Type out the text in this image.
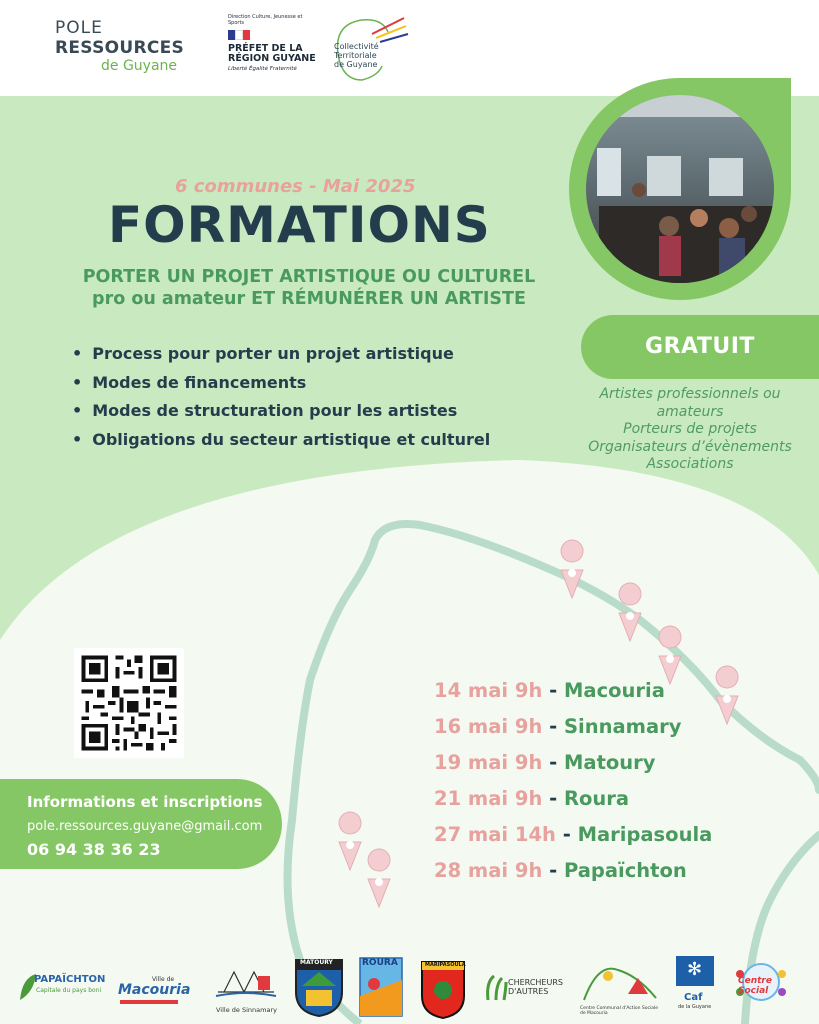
POLE
RESSOURCES
de Guyane
Direction Culture, Jeunesse et Sports
PRÉFET DE LA RÉGION GUYANE
Liberté Égalité Fraternité
Collectivité Territoriale de Guyane
6 communes - Mai 2025
FORMATIONS
PORTER UN PROJET ARTISTIQUE OU CULTUREL
pro ou amateur ET RÉMUNÉRER UN ARTISTE
• Process pour porter un projet artistique
• Modes de financements
• Modes de structuration pour les artistes
• Obligations du secteur artistique et culturel
GRATUIT
Artistes professionnels ou
amateurs
Porteurs de projets
Organisateurs d’évènements
Associations
Informations et inscriptions
pole.ressources.guyane@gmail.com
06 94 38 36 23
14 mai 9h - Macouria
16 mai 9h - Sinnamary
19 mai 9h - Matoury
21 mai 9h - Roura
27 mai 14h - Maripasoula
28 mai 9h - Papaïchton
PAPAÏCHTON
Capitale du pays boni
Ville de
Macouria
Ville de Sinnamary
MATOURY	ROURA	MARIPASOULA
CHERCHEURS D'AUTRES
Centre Communal d'Action Sociale de Macouria
✻
Caf
de la Guyane
Centre Social
